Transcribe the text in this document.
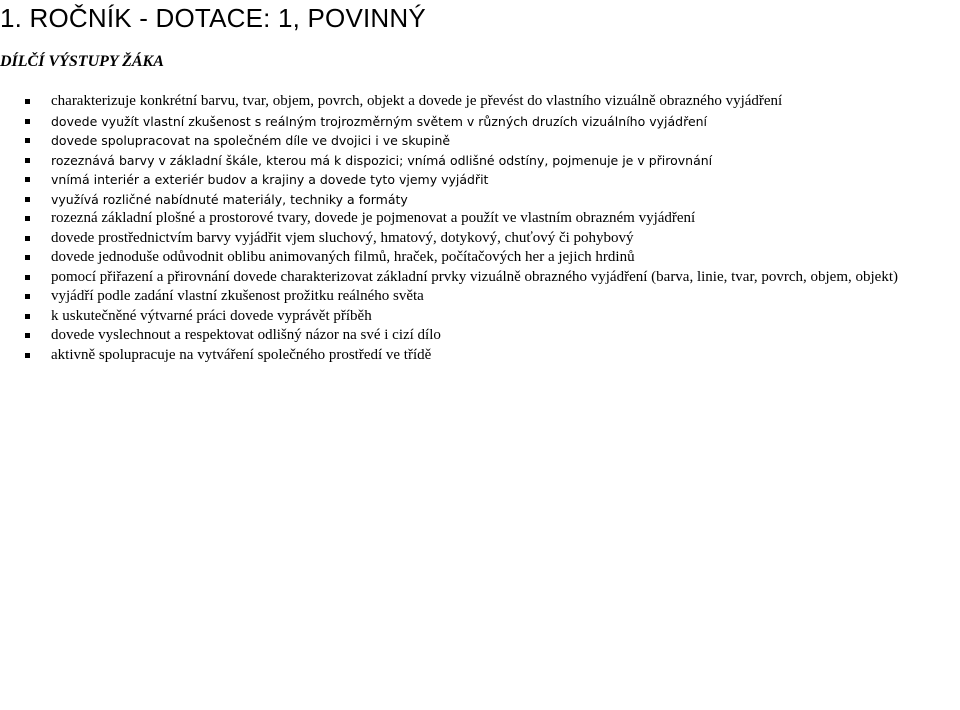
1. ROČNÍK - DOTACE: 1, POVINNÝ
DÍLČÍ VÝSTUPY ŽÁKA
charakterizuje konkrétní barvu, tvar, objem, povrch, objekt a dovede je převést do vlastního vizuálně obrazného vyjádření
dovede využít vlastní zkušenost s reálným trojrozměrným světem v různých druzích vizuálního vyjádření
dovede spolupracovat na společném díle ve dvojici i ve skupině
rozeznává barvy v základní škále, kterou má k dispozici; vnímá odlišné odstíny, pojmenuje je v přirovnání
vnímá interiér a exteriér budov a krajiny a dovede tyto vjemy vyjádřit
využívá rozličné nabídnuté materiály, techniky a formáty
rozezná základní plošné a prostorové tvary, dovede je pojmenovat a použít ve vlastním obrazném vyjádření
dovede prostřednictvím barvy vyjádřit vjem sluchový, hmatový, dotykový, chuťový či pohybový
dovede jednoduše odůvodnit oblibu animovaných filmů, hraček, počítačových her a jejich hrdinů
pomocí přiřazení a přirovnání dovede charakterizovat základní prvky vizuálně obrazného vyjádření (barva, linie, tvar, povrch, objem, objekt)
vyjádří podle zadání vlastní zkušenost prožitku reálného světa
k uskutečněné výtvarné práci dovede vyprávět příběh
dovede vyslechnout a respektovat odlišný názor na své i cizí dílo
aktivně spolupracuje na vytváření společného prostředí ve třídě
